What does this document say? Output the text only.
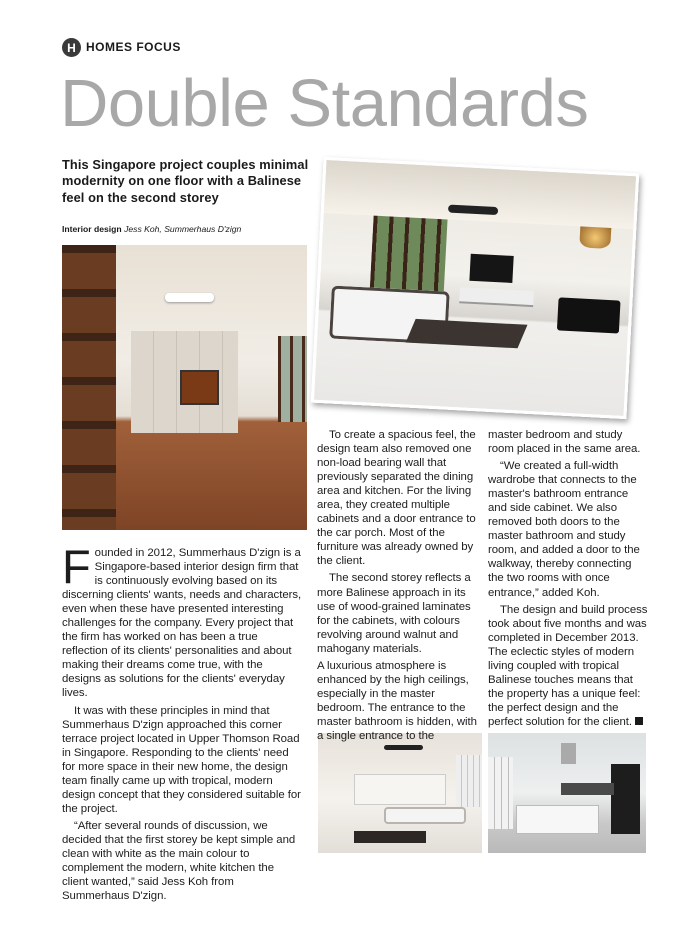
H HOMES FOCUS
Double Standards
This Singapore project couples minimal modernity on one floor with a Balinese feel on the second storey
Interior design Jess Koh, Summerhaus D'zign

Founded in 2012, Summerhaus D'zign is a Singapore-based interior design firm that is continuously evolving based on its discerning clients' wants, needs and characters, even when these have presented interesting challenges for the company. Every project that the firm has worked on has been a true reflection of its clients' personalities and about making their dreams come true, with the designs as solutions for the clients' everyday lives.

It was with these principles in mind that Summerhaus D'zign approached this corner terrace project located in Upper Thomson Road in Singapore. Responding to the clients' need for more space in their new home, the design team finally came up with tropical, modern design concept that they considered suitable for the project.

“After several rounds of discussion, we decided that the first storey be kept simple and clean with white as the main colour to complement the modern, white kitchen the client wanted,” said Jess Koh from Summerhaus D'zign.

To create a spacious feel, the design team also removed one non-load bearing wall that previously separated the dining area and kitchen. For the living area, they created multiple cabinets and a door entrance to the car porch. Most of the furniture was already owned by the client.

The second storey reflects a more Balinese approach in its use of wood-grained laminates for the cabinets, with colours revolving around walnut and mahogany materials.

A luxurious atmosphere is enhanced by the high ceilings, especially in the master bedroom. The entrance to the master bathroom is hidden, with a single entrance to the

master bedroom and study room placed in the same area.

“We created a full-width wardrobe that connects to the master's bathroom entrance and side cabinet. We also removed both doors to the master bathroom and study room, and added a door to the walkway, thereby connecting the two rooms with once entrance,” added Koh.

The design and build process took about five months and was completed in December 2013. The eclectic styles of modern living coupled with tropical Balinese touches means that the property has a unique feel: the perfect design and the perfect solution for the client.
